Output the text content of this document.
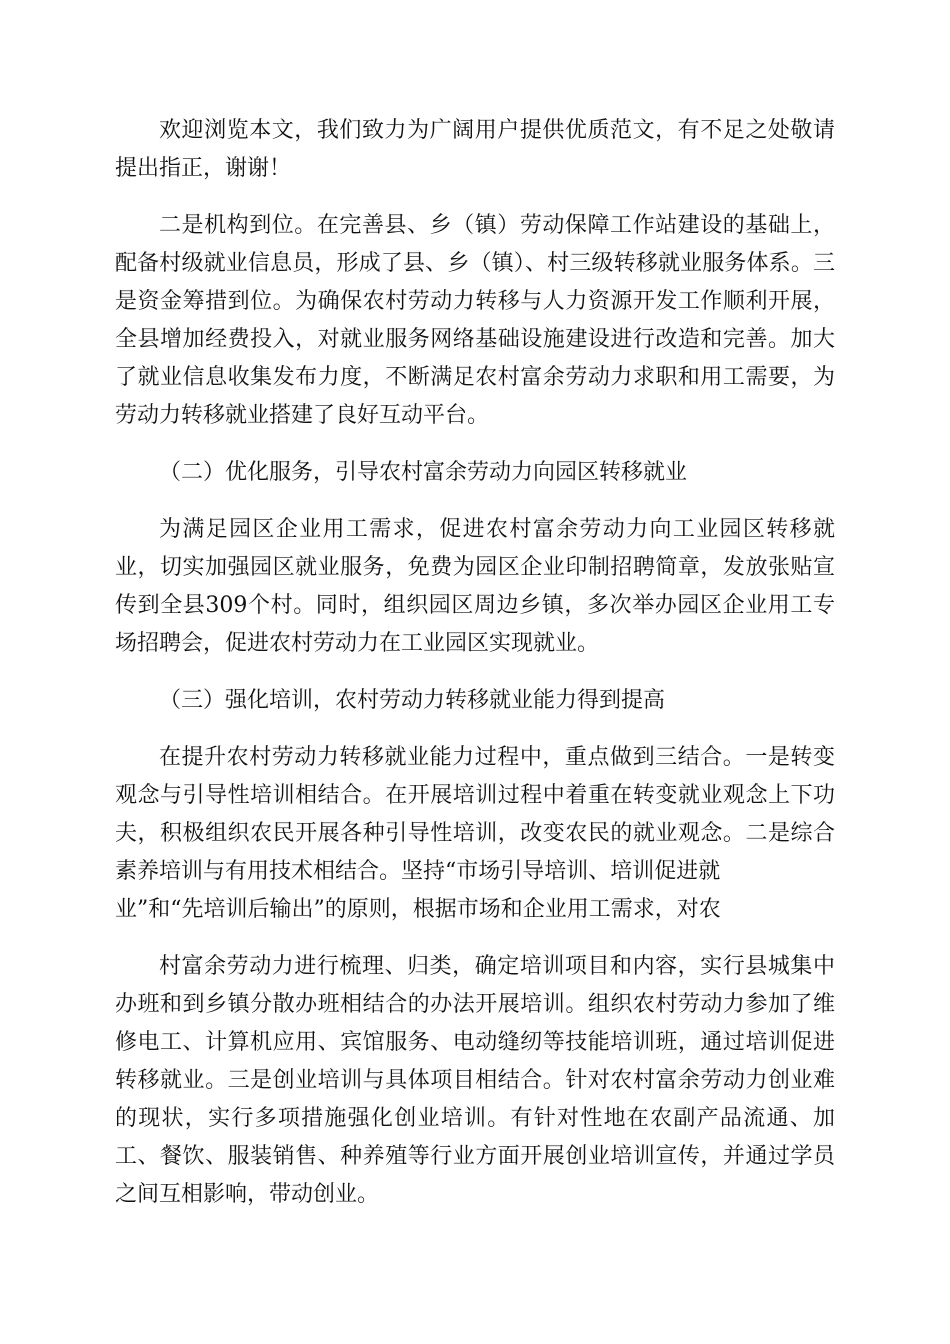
欢迎浏览本文，我们致力为广阔用户提供优质范文，有不足之处敬请提出指正，谢谢！

二是机构到位。在完善县、乡（镇）劳动保障工作站建设的基础上，配备村级就业信息员，形成了县、乡（镇）、村三级转移就业服务体系。三是资金筹措到位。为确保农村劳动力转移与人力资源开发工作顺利开展，全县增加经费投入，对就业服务网络基础设施建设进行改造和完善。加大了就业信息收集发布力度，不断满足农村富余劳动力求职和用工需要，为劳动力转移就业搭建了良好互动平台。

（二）优化服务，引导农村富余劳动力向园区转移就业

为满足园区企业用工需求，促进农村富余劳动力向工业园区转移就业，切实加强园区就业服务，免费为园区企业印制招聘简章，发放张贴宣传到全县309个村。同时，组织园区周边乡镇，多次举办园区企业用工专场招聘会，促进农村劳动力在工业园区实现就业。

（三）强化培训，农村劳动力转移就业能力得到提高

在提升农村劳动力转移就业能力过程中，重点做到三结合。一是转变观念与引导性培训相结合。在开展培训过程中着重在转变就业观念上下功夫，积极组织农民开展各种引导性培训，改变农民的就业观念。二是综合素养培训与有用技术相结合。坚持“市场引导培训、培训促进就

业”和“先培训后输出”的原则，根据市场和企业用工需求，对农

村富余劳动力进行梳理、归类，确定培训项目和内容，实行县城集中办班和到乡镇分散办班相结合的办法开展培训。组织农村劳动力参加了维修电工、计算机应用、宾馆服务、电动缝纫等技能培训班，通过培训促进转移就业。三是创业培训与具体项目相结合。针对农村富余劳动力创业难的现状，实行多项措施强化创业培训。有针对性地在农副产品流通、加工、餐饮、服装销售、种养殖等行业方面开展创业培训宣传，并通过学员之间互相影响，带动创业。
